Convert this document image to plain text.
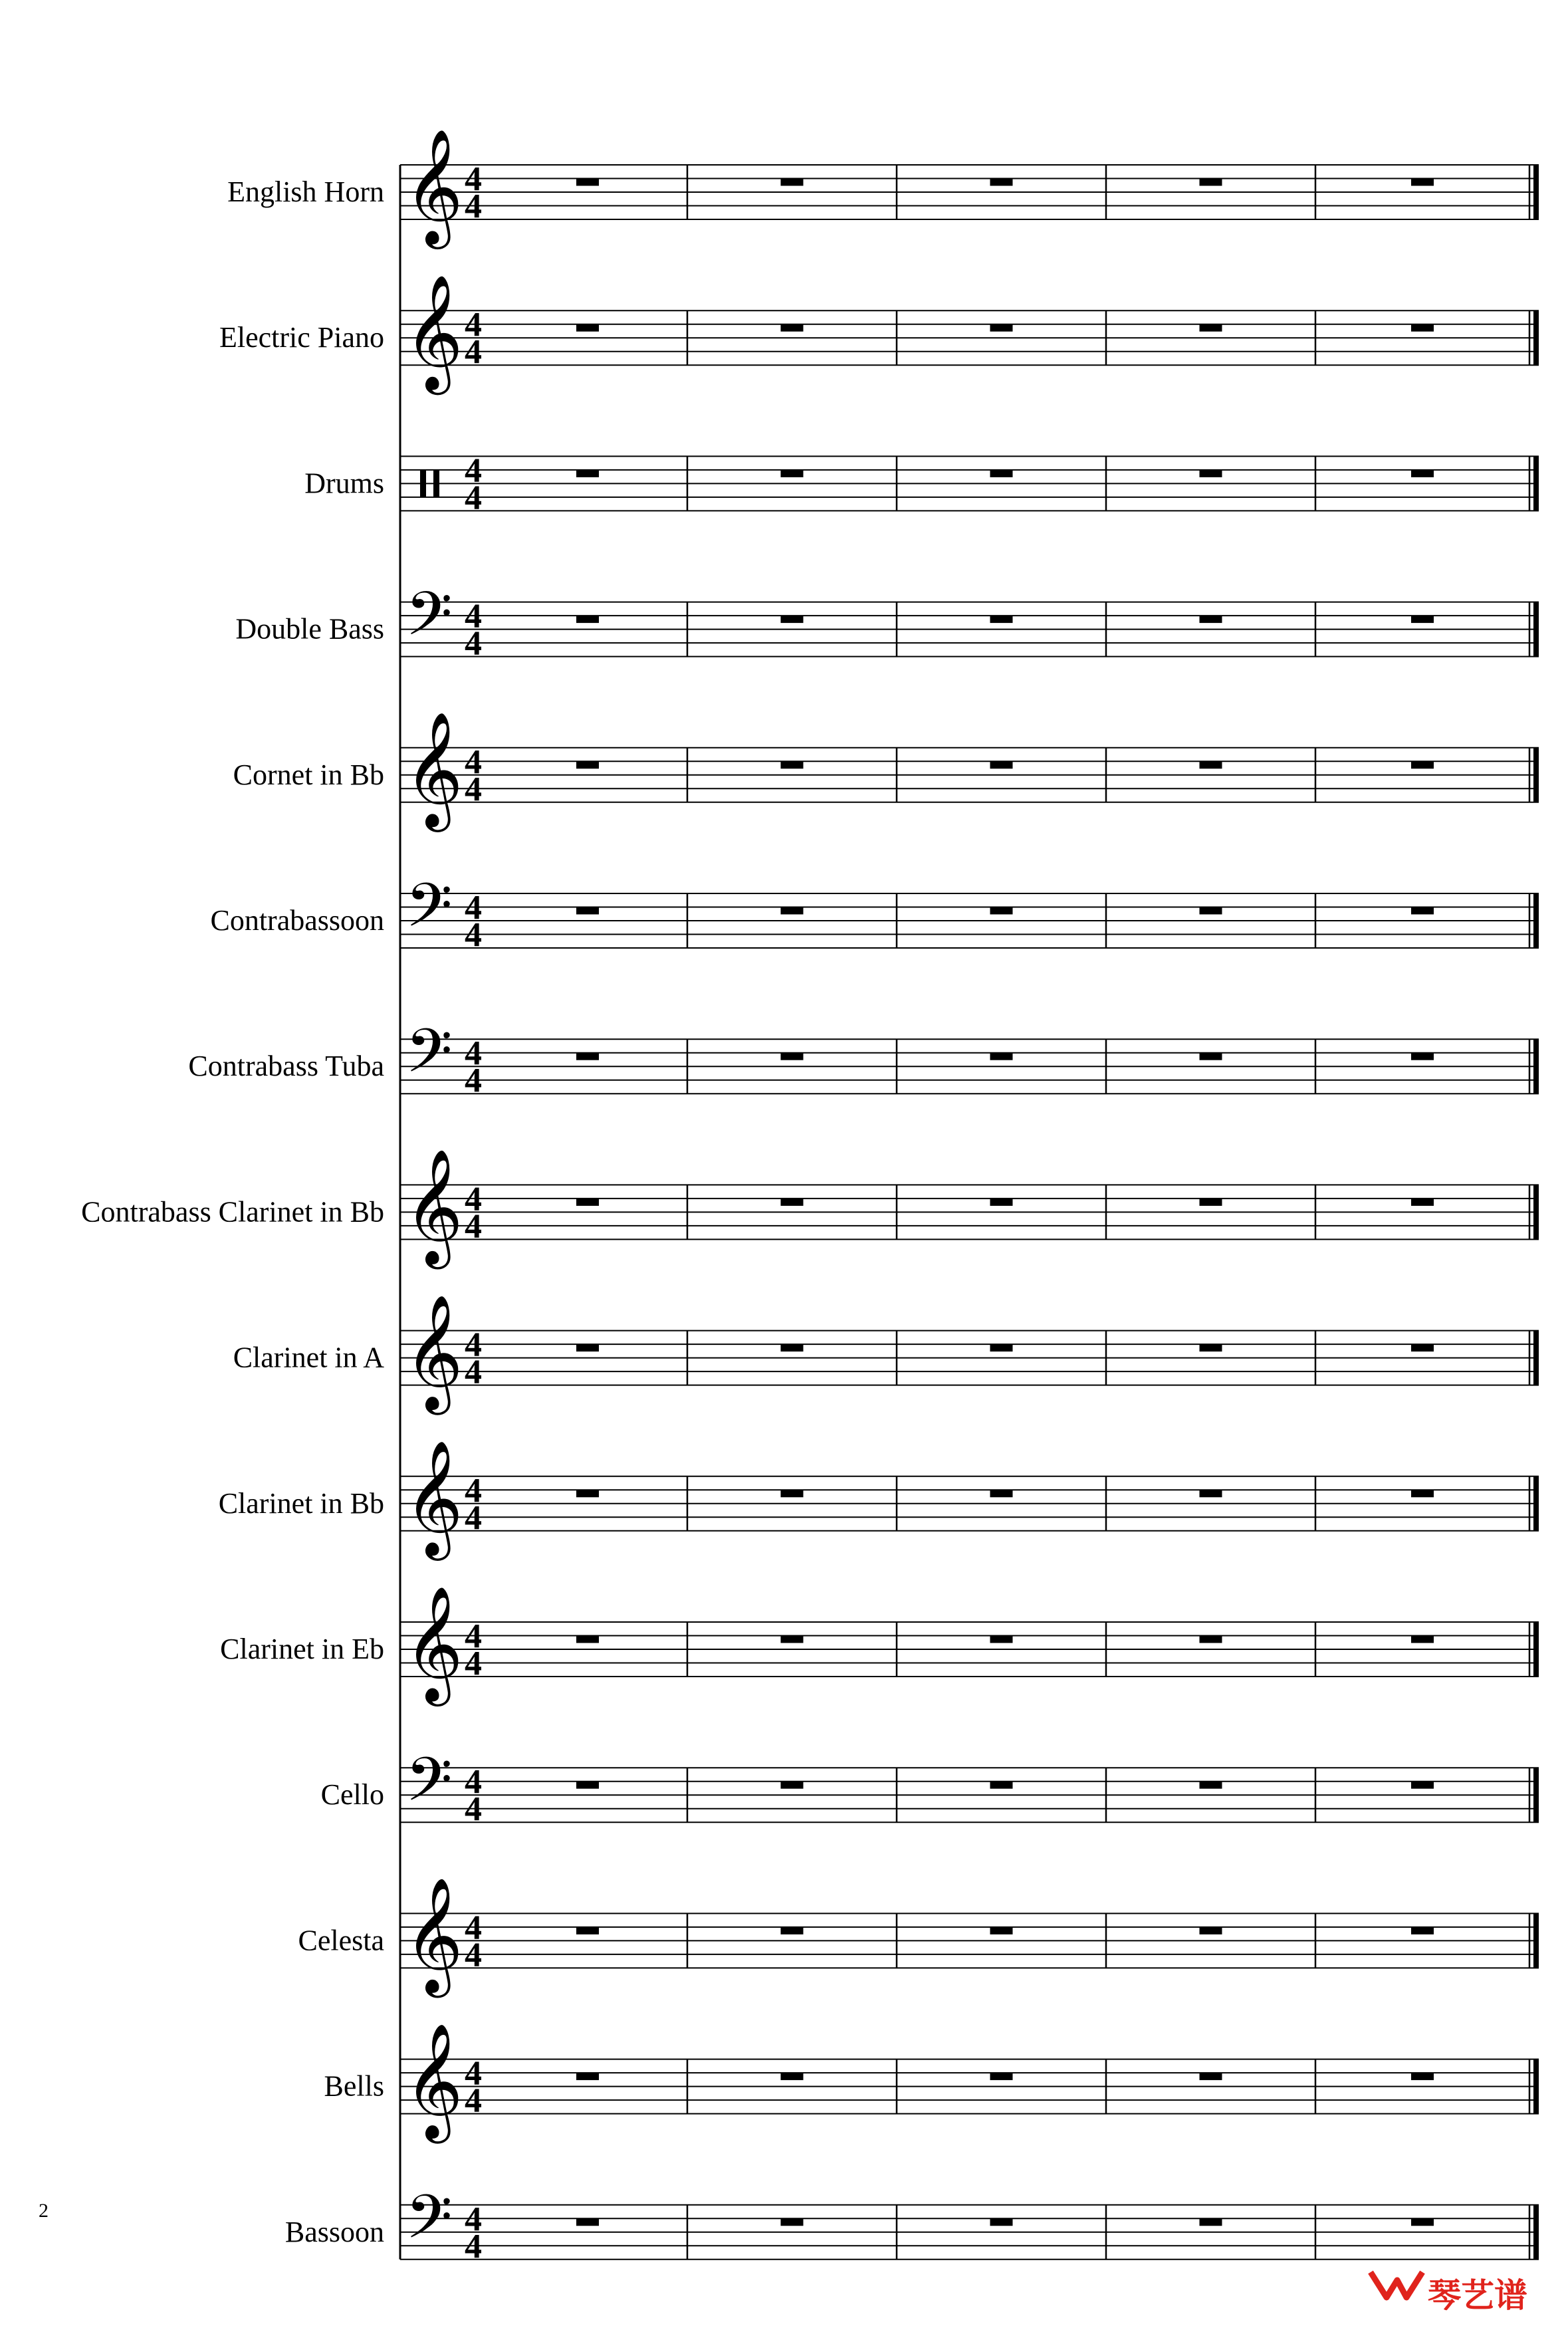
English Horn 𝄞 4
4
Electric Piano 𝄞 4
4
Drums 4
4
Double Bass 𝄢 4
4
Cornet in Bb 𝄞 4
4
Contrabassoon 𝄢 4
4
Contrabass Tuba 𝄢 4
4
Contrabass Clarinet in Bb 𝄞 4
4
Clarinet in A 𝄞 4
4
Clarinet in Bb 𝄞 4
4
Clarinet in Eb 𝄞 4
4
Cello 𝄢 4
4
Celesta 𝄞 4
4
Bells 𝄞 4
4
Bassoon 𝄢 4
4
2
琴艺谱
